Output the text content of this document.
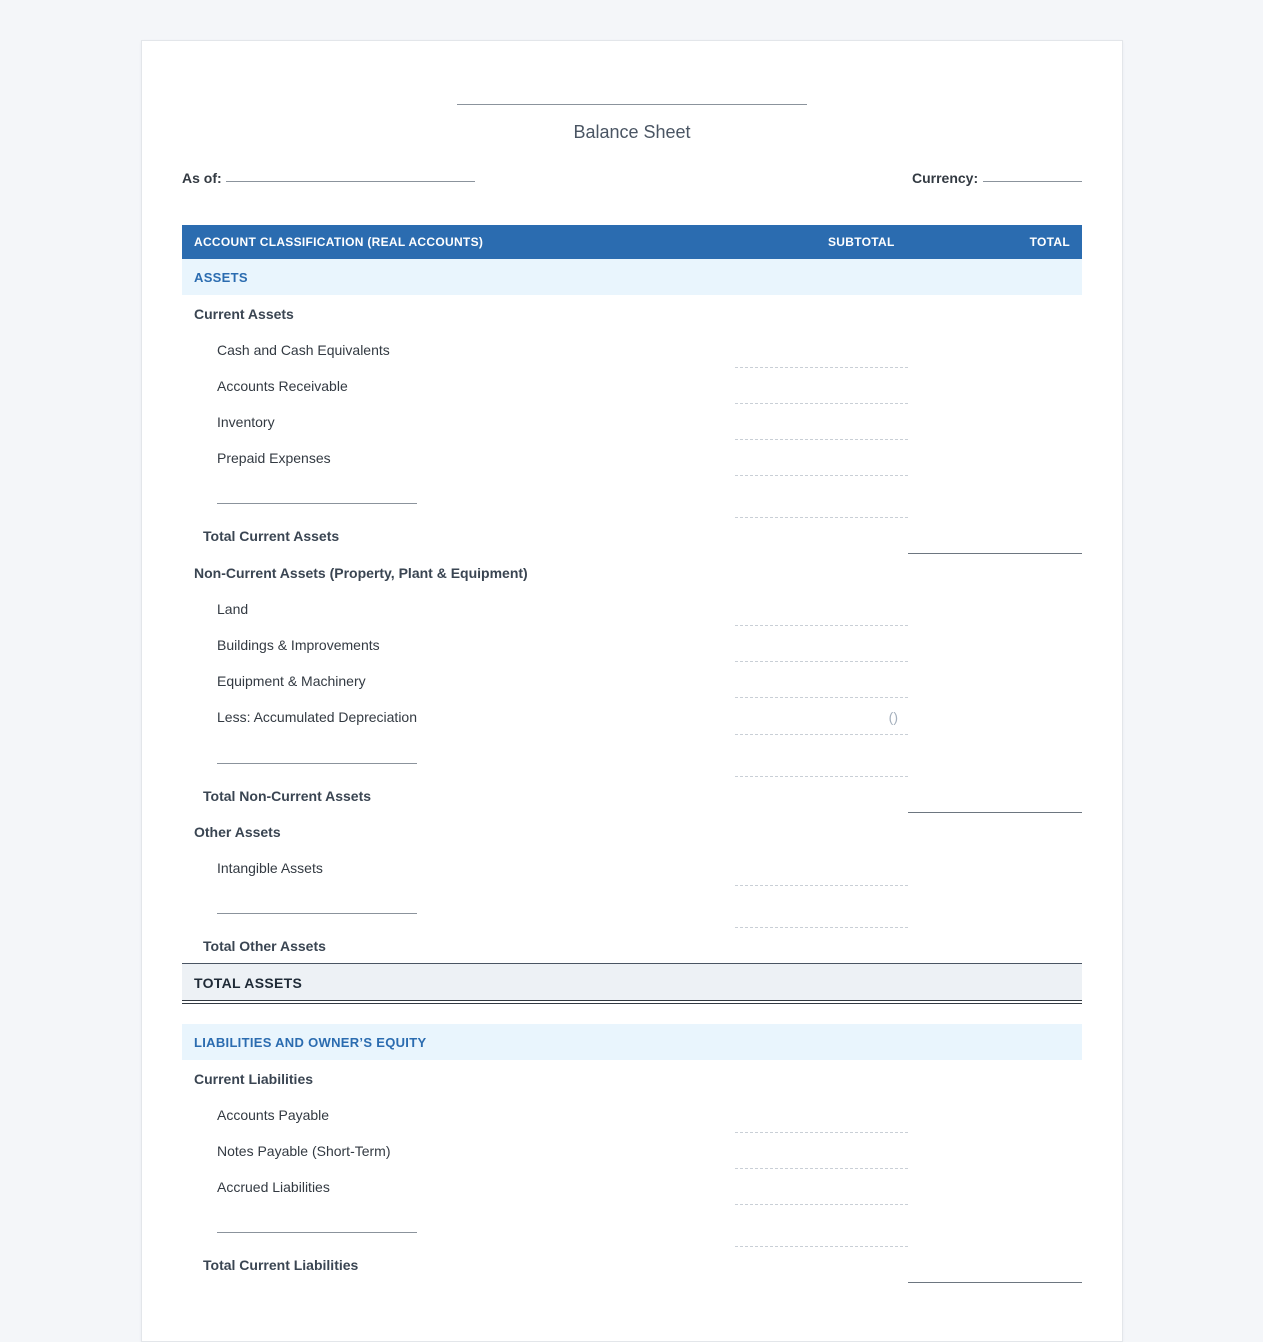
Balance Sheet
As of:	Currency:
ACCOUNT CLASSIFICATION (REAL ACCOUNTS)	SUBTOTAL	TOTAL
ASSETS
Current Assets
Cash and Cash Equivalents
Accounts Receivable
Inventory
Prepaid Expenses
Total Current Assets
Non-Current Assets (Property, Plant & Equipment)
Land
Buildings & Improvements
Equipment & Machinery
Less: Accumulated Depreciation	()
Total Non-Current Assets
Other Assets
Intangible Assets
Total Other Assets
TOTAL ASSETS
LIABILITIES AND OWNER’S EQUITY
Current Liabilities
Accounts Payable
Notes Payable (Short-Term)
Accrued Liabilities
Total Current Liabilities
